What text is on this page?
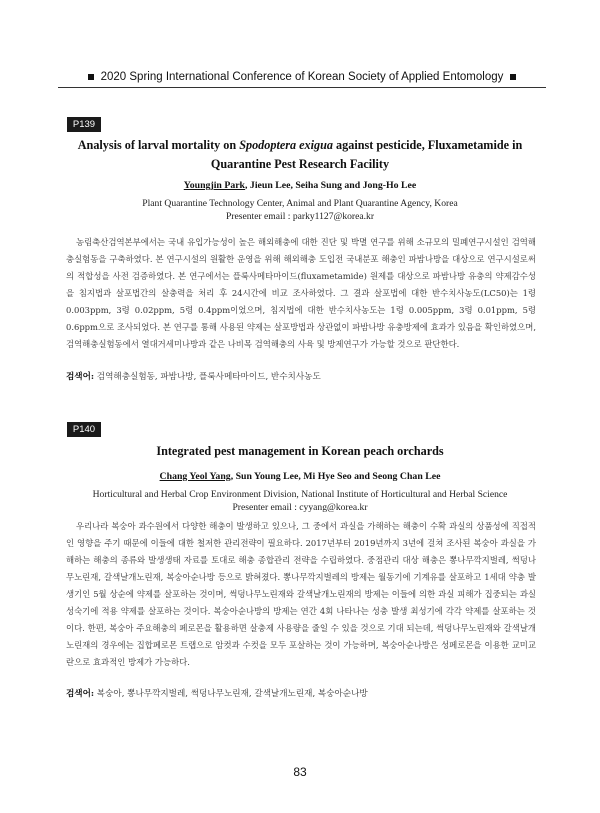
2020 Spring International Conference of Korean Society of Applied Entomology
P139
Analysis of larval mortality on Spodoptera exigua against pesticide, Fluxametamide in Quarantine Pest Research Facility
Youngjin Park, Jieun Lee, Seiha Sung and Jong-Ho Lee
Plant Quarantine Technology Center, Animal and Plant Quarantine Agency, Korea
Presenter email : parky1127@korea.kr

농림축산검역본부에서는 국내 유입가능성이 높은 해외해충에 대한 진단 및 박멸 연구를 위해 소규모의 밀폐연구시설인 검역해충실험동을 구축하였다. 본 연구시설의 원활한 운영을 위해 해외해충 도입전 국내분포 해충인 파밤나방을 대상으로 연구시설로써의 적합성을 사전 검증하였다. 본 연구에서는 플룩사메타마이드(fluxametamide) 원제를 대상으로 파밤나방 유충의 약제감수성을 침지법과 살포법간의 살충력을 처리 후 24시간에 비교 조사하였다. 그 결과 살포법에 대한 반수치사농도(LC50)는 1령 0.003ppm, 3령 0.02ppm, 5령 0.4ppm이었으며, 침지법에 대한 반수치사농도는 1령 0.005ppm, 3령 0.01ppm, 5령 0.6ppm으로 조사되었다. 본 연구를 통해 사용된 약제는 살포방법과 상관없이 파밤나방 유충방제에 효과가 있음을 확인하였으며, 검역해충실험동에서 열대거세미나방과 같은 나비목 검역해충의 사육 및 방제연구가 가능할 것으로 판단한다.

검색어: 검역해충실험동, 파밤나방, 플룩사메타마이드, 반수치사농도
P140
Integrated pest management in Korean peach orchards
Chang Yeol Yang, Sun Young Lee, Mi Hye Seo and Seong Chan Lee
Horticultural and Herbal Crop Environment Division, National Institute of Horticultural and Herbal Science
Presenter email : cyyang@korea.kr

우리나라 복숭아 과수원에서 다양한 해충이 발생하고 있으나, 그 중에서 과실을 가해하는 해충이 수확 과실의 상품성에 직접적인 영향을 주기 때문에 이들에 대한 철저한 관리전략이 필요하다. 2017년부터 2019년까지 3년에 걸쳐 조사된 복숭아 과실을 가해하는 해충의 종류와 발생생태 자료를 토대로 해충 종합관리 전략을 수립하였다. 중점관리 대상 해충은 뽕나무깍지벌레, 썩덩나무노린재, 갈색날개노린재, 복숭아순나방 등으로 밝혀졌다. 뽕나무깍지벌레의 방제는 월동기에 기계유를 살포하고 1세대 약충 발생기인 5월 상순에 약제를 살포하는 것이며, 썩덩나무노린재와 갈색날개노린재의 방제는 이들에 의한 과실 피해가 집중되는 과실 성숙기에 적용 약제를 살포하는 것이다. 복숭아순나방의 방제는 연간 4회 나타나는 성충 발생 최성기에 각각 약제를 살포하는 것이다. 한편, 복숭아 주요해충의 페로몬을 활용하면 살충제 사용량을 줄일 수 있을 것으로 기대 되는데, 썩덩나무노린재와 갈색날개노린재의 경우에는 집합페로몬 트랩으로 암컷과 수컷을 모두 포살하는 것이 가능하며, 복숭아순나방은 성페로몬을 이용한 교미교란으로 효과적인 방제가 가능하다.

검색어: 복숭아, 뽕나무깍지벌레, 썩덩나무노린재, 갈색날개노린재, 복숭아순나방
83
